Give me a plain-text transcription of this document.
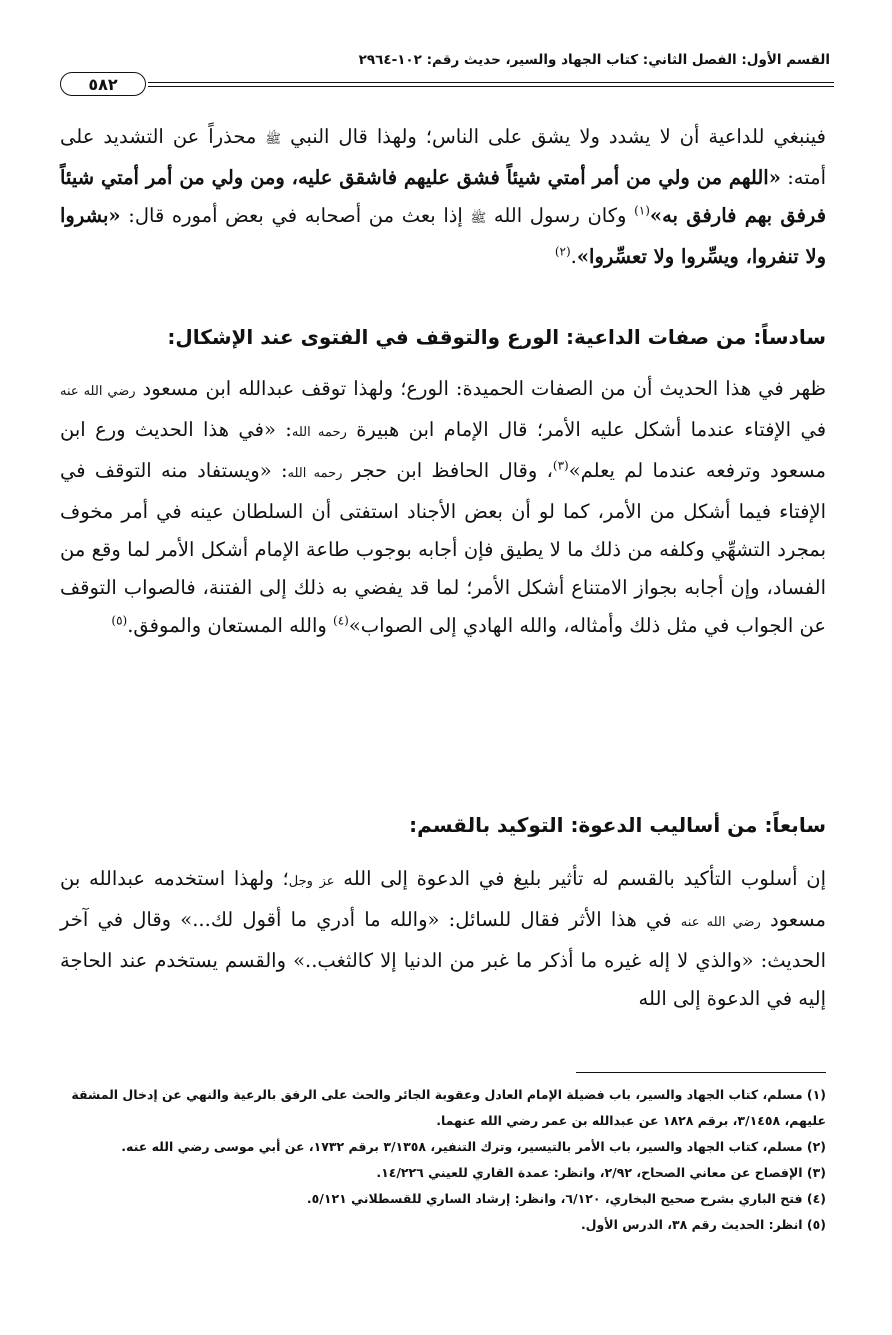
القسم الأول: الفصل الثاني: كتاب الجهاد والسير، حديث رقم: ١٠٢-٢٩٦٤
٥٨٢
فينبغي للداعية أن لا يشدد ولا يشق على الناس؛ ولهذا قال النبي ﷺ محذراً عن التشديد على أمته: «اللهم من ولي من أمر أمتي شيئاً فشق عليهم فاشقق عليه، ومن ولي من أمر أمتي شيئاً فرفق بهم فارفق به»$^{(١)}$ وكان رسول الله ﷺ إذا بعث من أصحابه في بعض أموره قال: «بشروا ولا تنفروا، ويسِّروا ولا تعسِّروا».$^{(٢)}$
سادساً: من صفات الداعية: الورع والتوقف في الفتوى عند الإشكال:
ظهر في هذا الحديث أن من الصفات الحميدة: الورع؛ ولهذا توقف عبدالله ابن مسعود رضي الله عنه في الإفتاء عندما أشكل عليه الأمر؛ قال الإمام ابن هبيرة رحمه الله: «في هذا الحديث ورع ابن مسعود وترفعه عندما لم يعلم»$^{(٣)}$، وقال الحافظ ابن حجر رحمه الله: «ويستفاد منه التوقف في الإفتاء فيما أشكل من الأمر، كما لو أن بعض الأجناد استفتى أن السلطان عينه في أمر مخوف بمجرد التشهِّي وكلفه من ذلك ما لا يطيق فإن أجابه بوجوب طاعة الإمام أشكل الأمر لما وقع من الفساد، وإن أجابه بجواز الامتناع أشكل الأمر؛ لما قد يفضي به ذلك إلى الفتنة، فالصواب التوقف عن الجواب في مثل ذلك وأمثاله، والله الهادي إلى الصواب»$^{(٤)}$ والله المستعان والموفق.$^{(٥)}$
سابعاً: من أساليب الدعوة: التوكيد بالقسم:
إن أسلوب التأكيد بالقسم له تأثير بليغ في الدعوة إلى الله عز وجل؛ ولهذا استخدمه عبدالله بن مسعود رضي الله عنه في هذا الأثر فقال للسائل: «والله ما أدري ما أقول لك...» وقال في آخر الحديث: «والذي لا إله غيره ما أذكر ما غبر من الدنيا إلا كالثغب..» والقسم يستخدم عند الحاجة إليه في الدعوة إلى الله

(١) مسلم، كتاب الجهاد والسير، باب فضيلة الإمام العادل وعقوبة الجائر والحث على الرفق بالرعية والنهي عن إدخال المشقة عليهم، ٣/١٤٥٨، برقم ١٨٢٨ عن عبدالله بن عمر رضي الله عنهما.

(٢) مسلم، كتاب الجهاد والسير، باب الأمر بالتيسير، وترك التنفير، ٣/١٣٥٨ برقم ١٧٣٢، عن أبي موسى رضي الله عنه.

(٣) الإفصاح عن معاني الصحاح، ٢/٩٢، وانظر: عمدة القاري للعيني ١٤/٢٢٦.

(٤) فتح الباري بشرح صحيح البخاري، ٦/١٢٠، وانظر: إرشاد الساري للقسطلاني ٥/١٢١.

(٥) انظر: الحديث رقم ٣٨، الدرس الأول.
